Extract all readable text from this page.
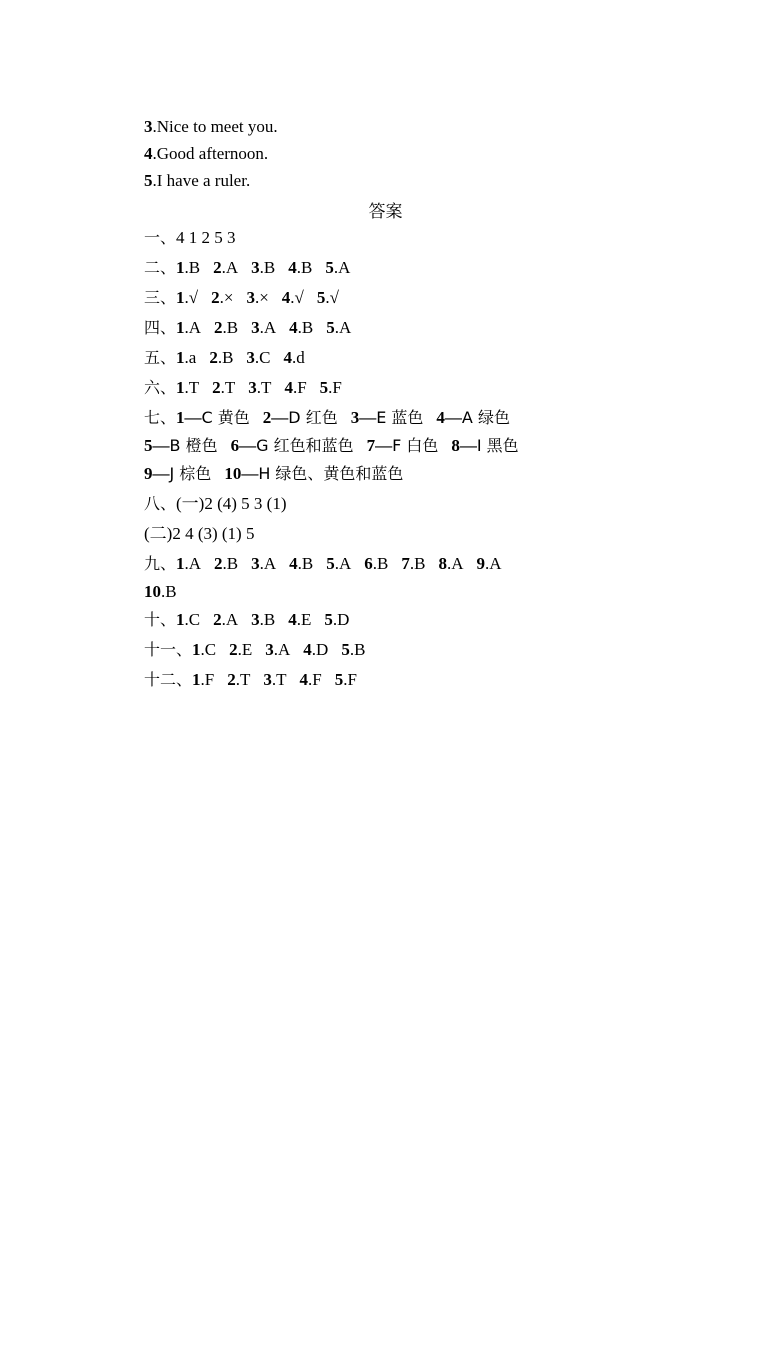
3.Nice to meet you.
4.Good afternoon.
5.I have a ruler.
答案
一、4 1 2 5 3
二、1.B 2.A 3.B 4.B 5.A
三、1.√ 2.× 3.× 4.√ 5.√
四、1.A 2.B 3.A 4.B 5.A
五、1.a 2.B 3.C 4.d
六、1.T 2.T 3.T 4.F 5.F
七、1—C 黄色 2—D 红色 3—E 蓝色 4—A 绿色
5—B 橙色 6—G 红色和蓝色 7—F 白色 8—I 黑色
9—J 棕色 10—H 绿色、黄色和蓝色
八、(一)2 (4) 5 3 (1)
(二)2 4 (3) (1) 5
九、1.A 2.B 3.A 4.B 5.A 6.B 7.B 8.A 9.A
10.B
十、1.C 2.A 3.B 4.E 5.D
十一、1.C 2.E 3.A 4.D 5.B
十二、1.F 2.T 3.T 4.F 5.F
